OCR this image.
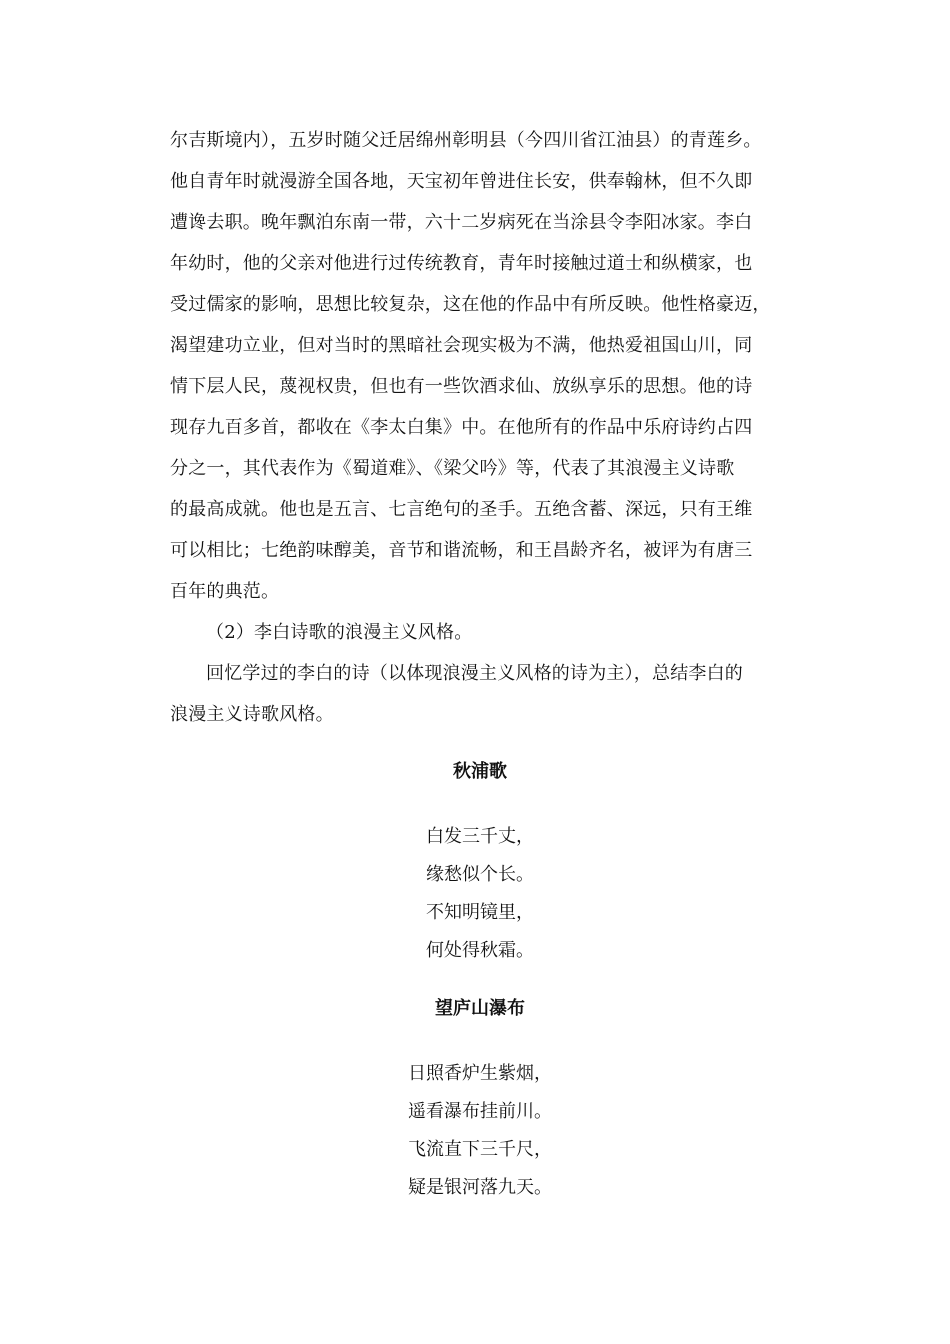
尔吉斯境内），五岁时随父迁居绵州彰明县（今四川省江油县）的青莲乡。
他自青年时就漫游全国各地，天宝初年曾进住长安，供奉翰林，但不久即
遭谗去职。晚年飘泊东南一带，六十二岁病死在当涂县令李阳冰家。李白
年幼时，他的父亲对他进行过传统教育，青年时接触过道士和纵横家，也
受过儒家的影响，思想比较复杂，这在他的作品中有所反映。他性格豪迈，
渴望建功立业，但对当时的黑暗社会现实极为不满，他热爱祖国山川，同
情下层人民，蔑视权贵，但也有一些饮酒求仙、放纵享乐的思想。他的诗
现存九百多首，都收在《李太白集》中。在他所有的作品中乐府诗约占四
分之一，其代表作为《蜀道难》、《梁父吟》等，代表了其浪漫主义诗歌
的最高成就。他也是五言、七言绝句的圣手。五绝含蓄、深远，只有王维
可以相比；七绝韵味醇美，音节和谐流畅，和王昌龄齐名，被评为有唐三
百年的典范。
（2）李白诗歌的浪漫主义风格。
回忆学过的李白的诗（以体现浪漫主义风格的诗为主），总结李白的
浪漫主义诗歌风格。
秋浦歌
白发三千丈，
缘愁似个长。
不知明镜里，
何处得秋霜。
望庐山瀑布
日照香炉生紫烟，
遥看瀑布挂前川。
飞流直下三千尺，
疑是银河落九天。
